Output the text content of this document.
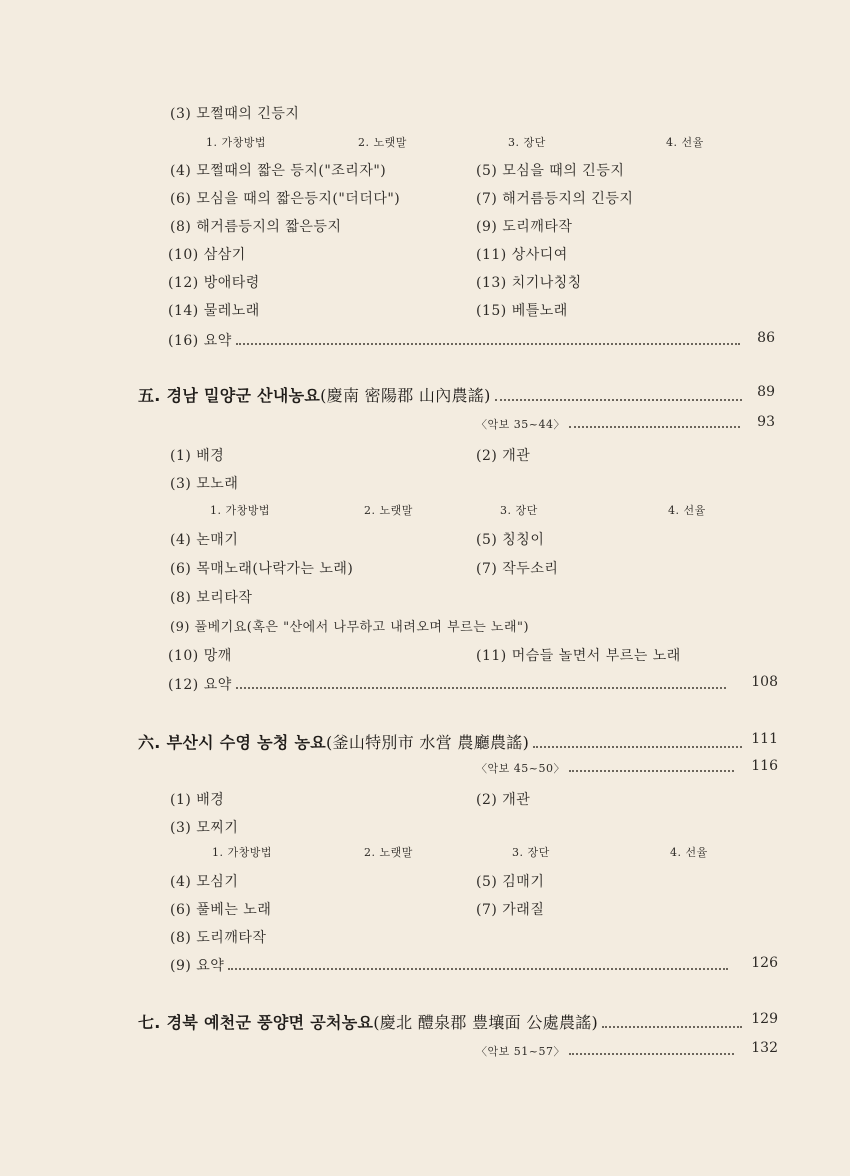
(3) 모쩔때의 긴등지
1. 가창방법	2. 노랫말	3. 장단	4. 선율
(4) 모쩔때의 짧은 등지("조리자")	(5) 모심을 때의 긴등지
(6) 모심을 때의 짧은등지("더더다")	(7) 해거름등지의 긴등지
(8) 해거름등지의 짧은등지	(9) 도리깨타작
(10) 삼삼기	(11) 상사디여
(12) 방애타령	(13) 치기나칭칭
(14) 물레노래	(15) 베틀노래
(16) 요약	86
五. 경남 밀양군 산내농요(慶南 密陽郡 山內農謠)	89
〈악보 35~44〉	93
(1) 배경	(2) 개관
(3) 모노래
1. 가창방법	2. 노랫말	3. 장단	4. 선율
(4) 논매기	(5) 칭칭이
(6) 목매노래(나락가는 노래)	(7) 작두소리
(8) 보리타작
(9) 풀베기요(혹은 "산에서 나무하고 내려오며 부르는 노래")
(10) 망깨	(11) 머슴들 놀면서 부르는 노래
(12) 요약	108
六. 부산시 수영 농청 농요(釜山特別市 水営 農廳農謠)	111
〈악보 45~50〉	116
(1) 배경	(2) 개관
(3) 모찌기
1. 가창방법	2. 노랫말	3. 장단	4. 선율
(4) 모심기	(5) 김매기
(6) 풀베는 노래	(7) 가래질
(8) 도리깨타작
(9) 요약	126
七. 경북 예천군 풍양면 공처농요(慶北 醴泉郡 豊壤面 公處農謠)	129
〈악보 51~57〉	132
